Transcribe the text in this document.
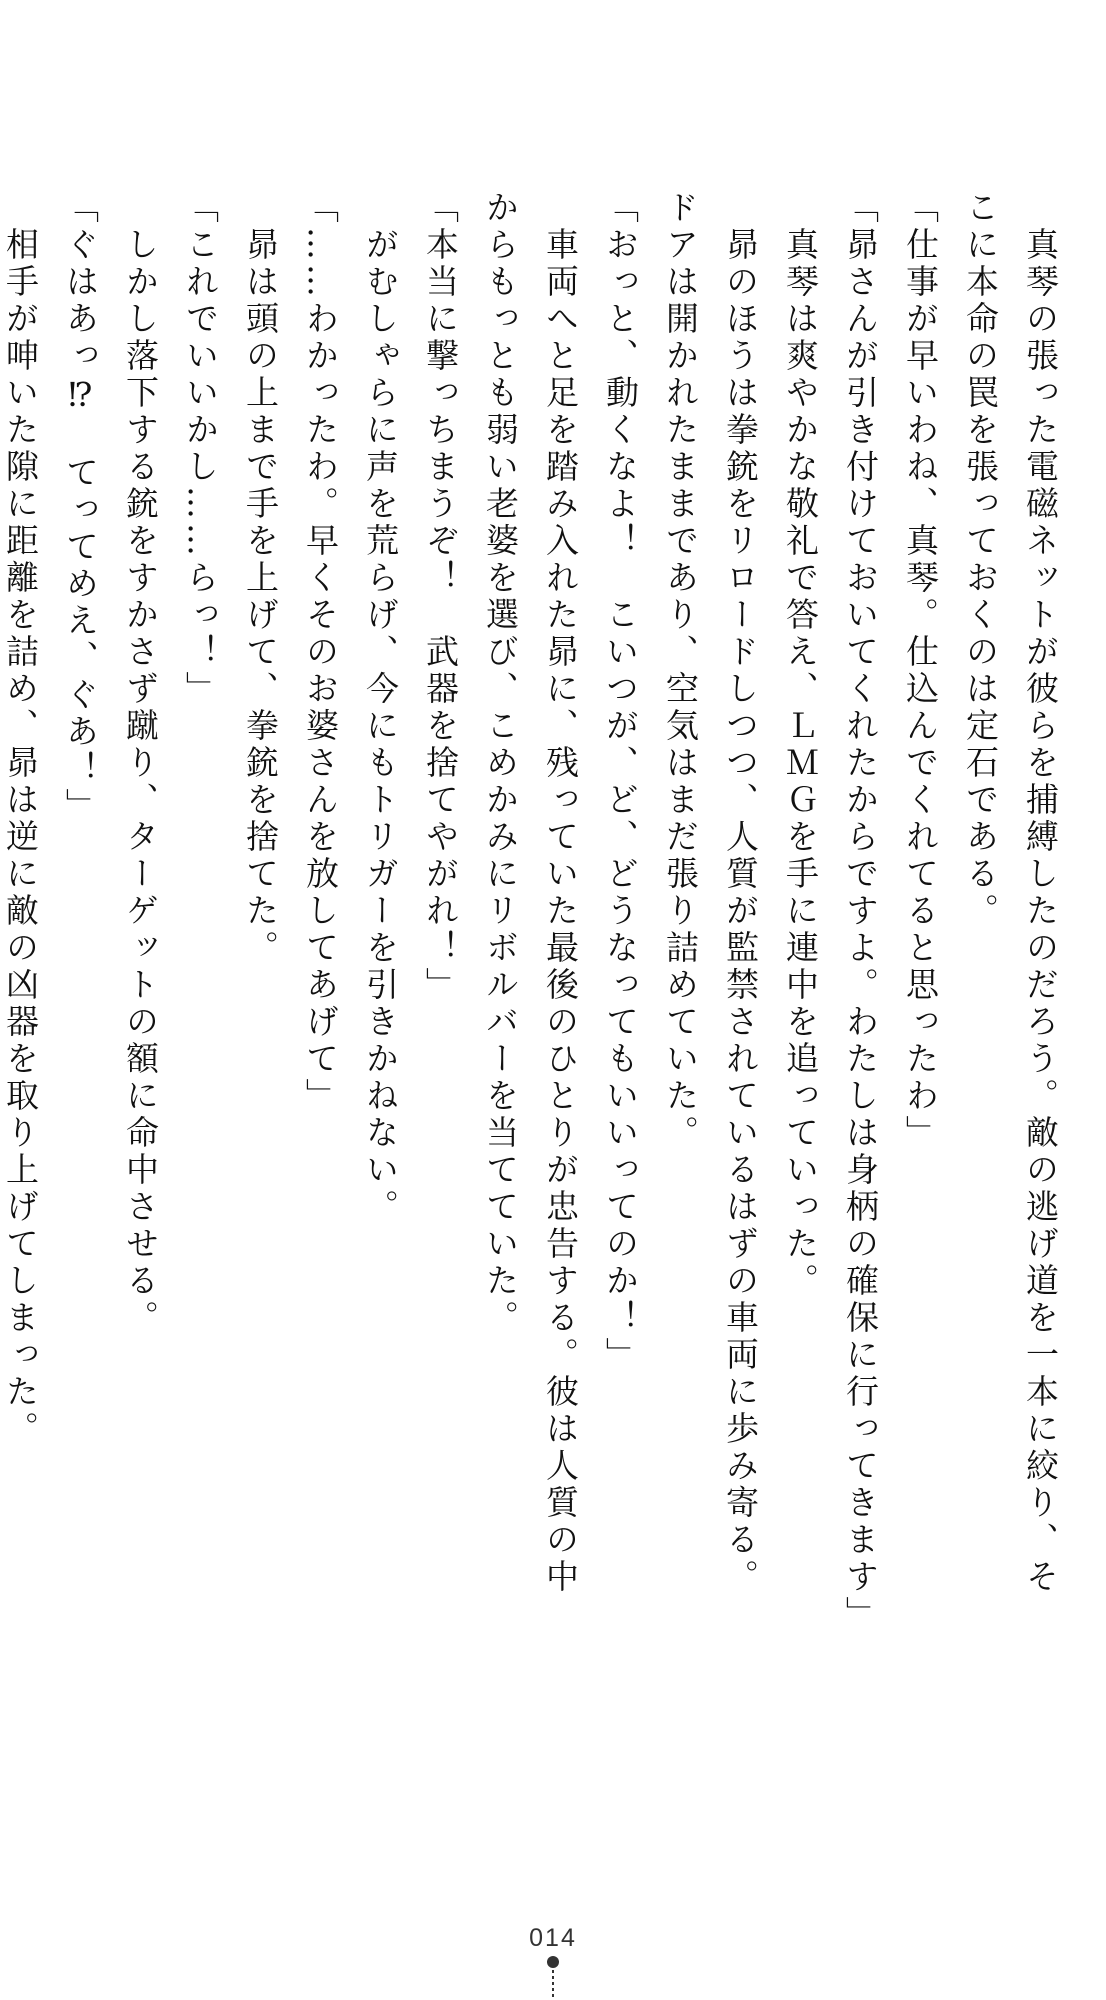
　真琴の張った電磁ネットが彼らを捕縛したのだろう。敵の逃げ道を一本に絞り、そこに本命の罠を張っておくのは定石である。

「仕事が早いわね、真琴。仕込んでくれてると思ったわ」

「昴さんが引き付けておいてくれたからですよ。わたしは身柄の確保に行ってきます」

　真琴は爽やかな敬礼で答え、ＬＭＧを手に連中を追っていった。

　昴のほうは拳銃をリロードしつつ、人質が監禁されているはずの車両に歩み寄る。ドアは開かれたままであり、空気はまだ張り詰めていた。

「おっと、動くなよ！　こいつが、ど、どうなってもいいってのか！」

　車両へと足を踏み入れた昴に、残っていた最後のひとりが忠告する。彼は人質の中からもっとも弱い老婆を選び、こめかみにリボルバーを当てていた。

「本当に撃っちまうぞ！　武器を捨てやがれ！」

　がむしゃらに声を荒らげ、今にもトリガーを引きかねない。

「……わかったわ。早くそのお婆さんを放してあげて」

　昴は頭の上まで手を上げて、拳銃を捨てた。

「これでいいかし……らっ！」

　しかし落下する銃をすかさず蹴り、ターゲットの額に命中させる。

「ぐはあっ⁉　てってめえ、ぐあ！」

　相手が呻いた隙に距離を詰め、昴は逆に敵の凶器を取り上げてしまった。

014
